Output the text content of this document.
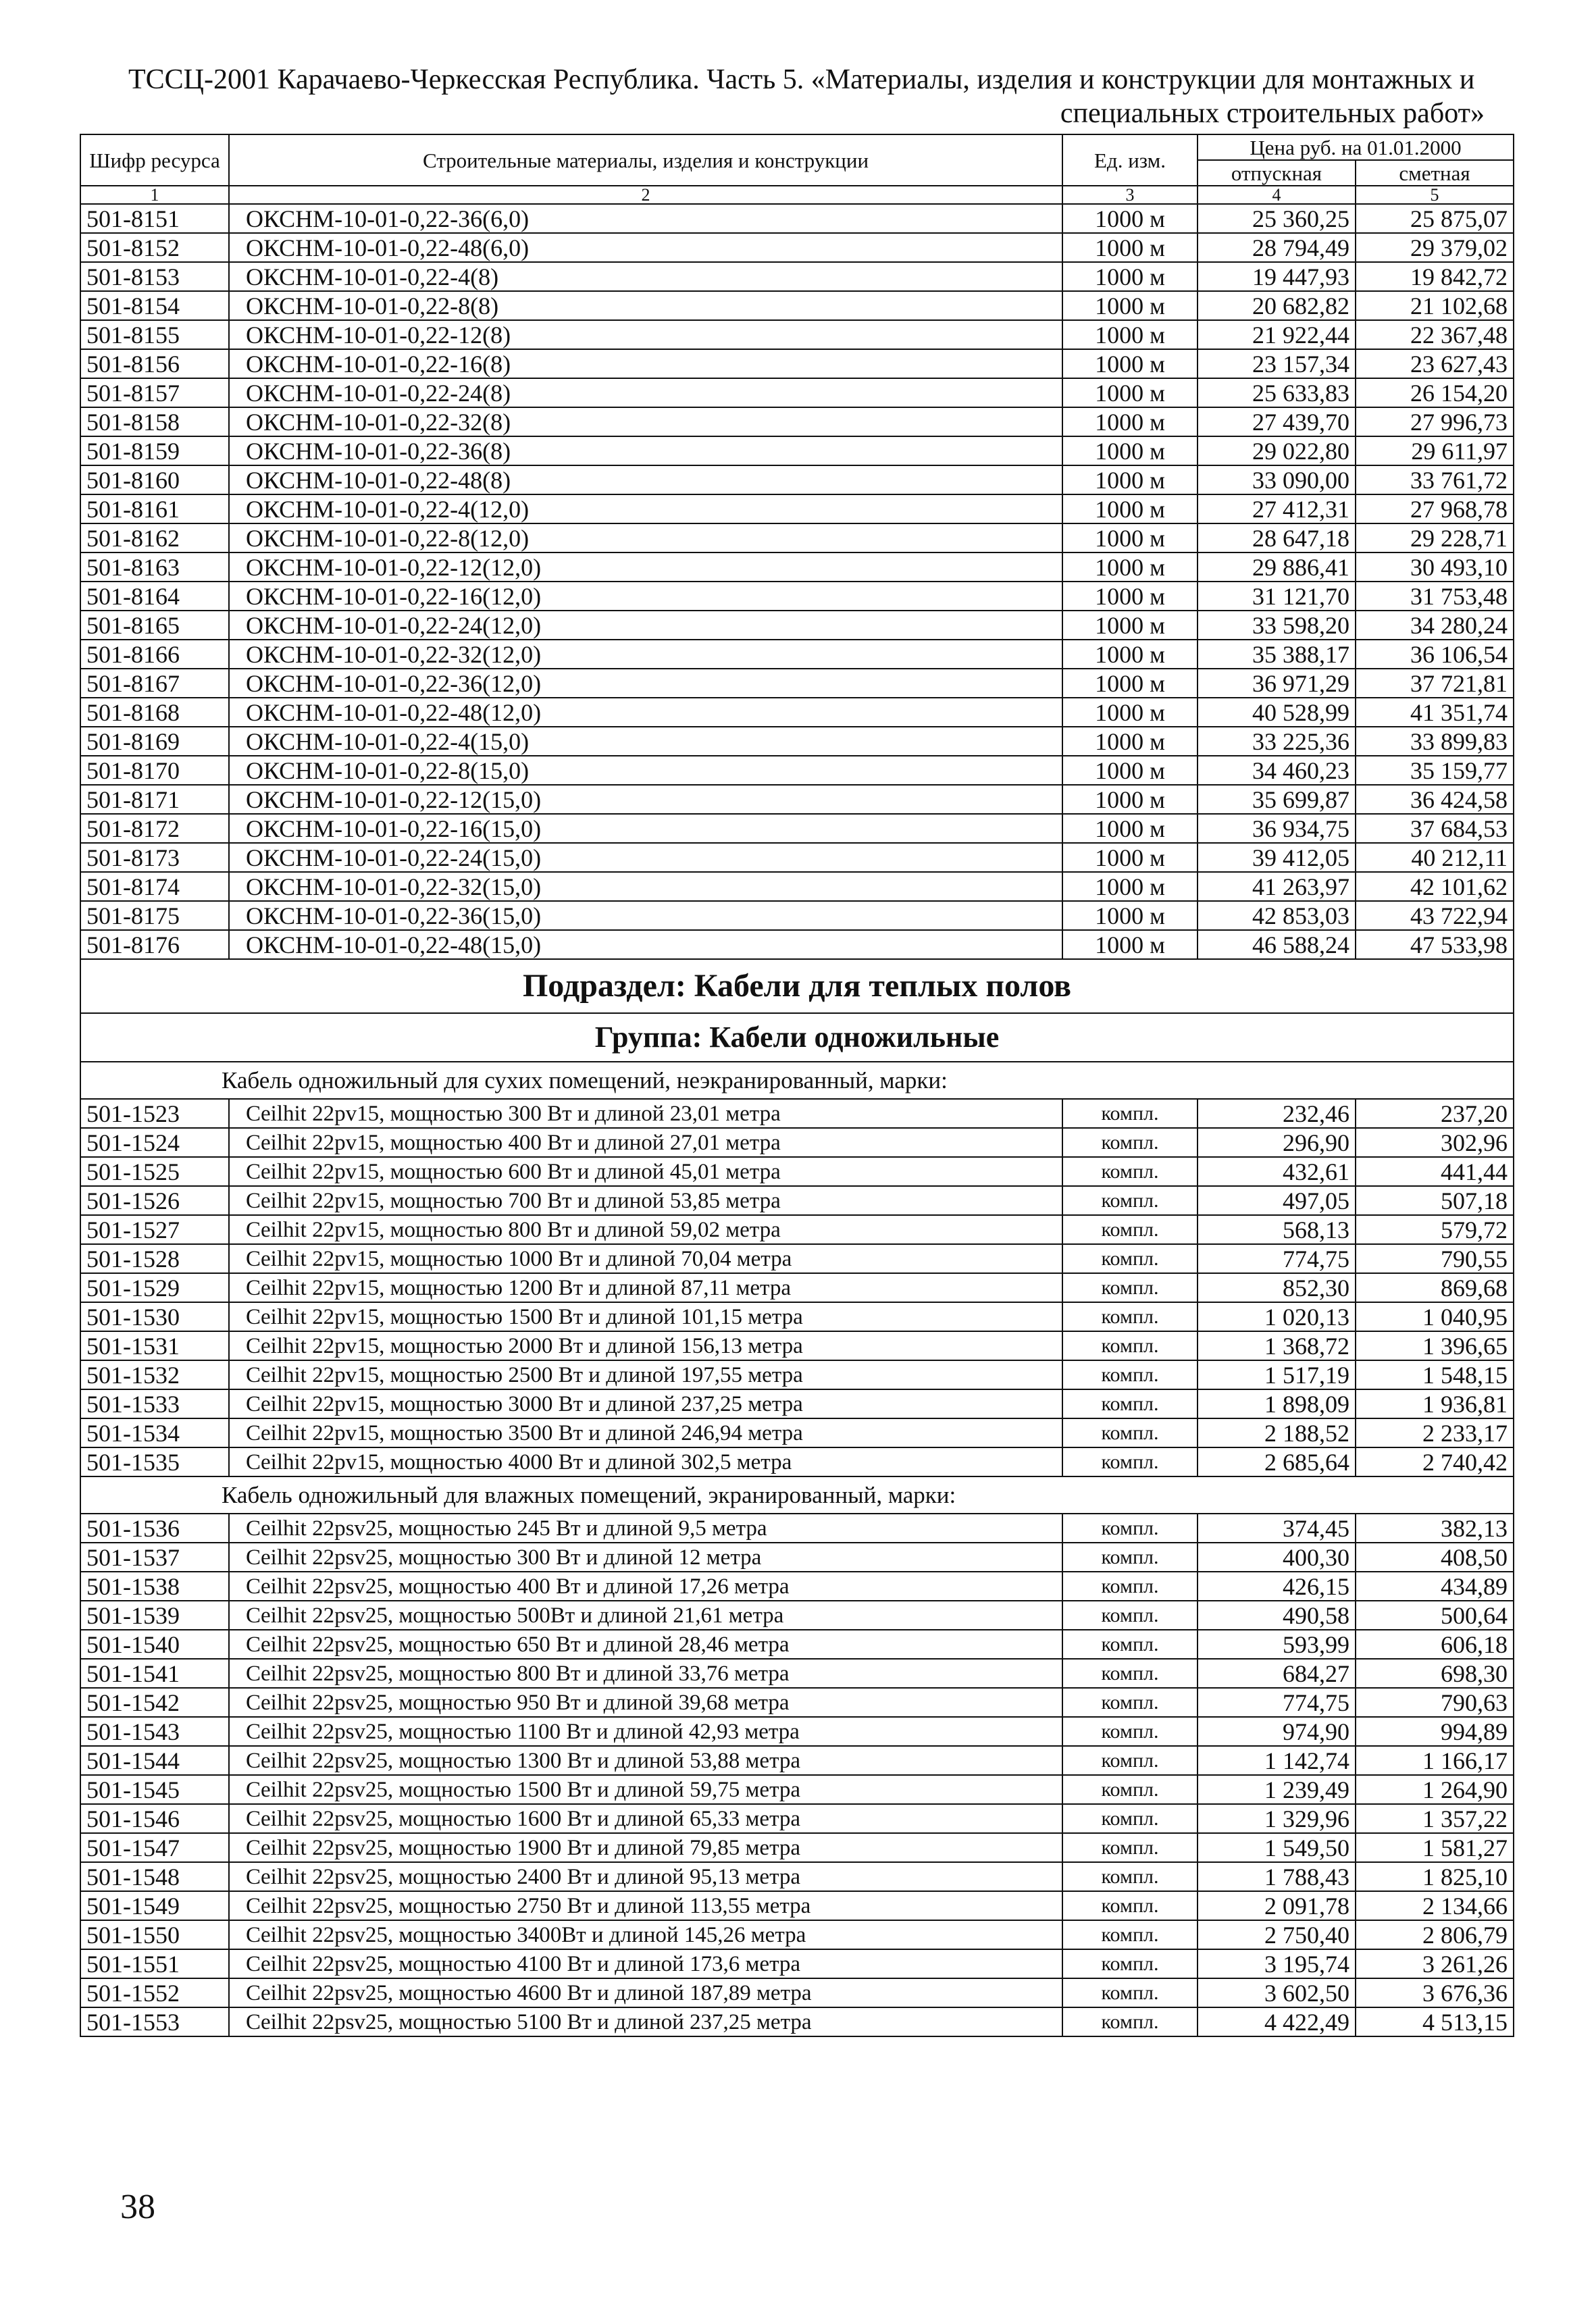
ТССЦ-2001 Карачаево-Черкесская Республика. Часть 5. «Материалы, изделия и конструкции для монтажных и
специальных строительных работ»
Шифр ресурса	Строительные материалы, изделия и конструкции	Ед. изм.	Цена руб. на 01.01.2000	
			отпускная	сметная
1	2	3	4	5
501-8151	ОКСНМ-10-01-0,22-36(6,0)	1000 м	25 360,25	25 875,07
501-8152	ОКСНМ-10-01-0,22-48(6,0)	1000 м	28 794,49	29 379,02
501-8153	ОКСНМ-10-01-0,22-4(8)	1000 м	19 447,93	19 842,72
501-8154	ОКСНМ-10-01-0,22-8(8)	1000 м	20 682,82	21 102,68
501-8155	ОКСНМ-10-01-0,22-12(8)	1000 м	21 922,44	22 367,48
501-8156	ОКСНМ-10-01-0,22-16(8)	1000 м	23 157,34	23 627,43
501-8157	ОКСНМ-10-01-0,22-24(8)	1000 м	25 633,83	26 154,20
501-8158	ОКСНМ-10-01-0,22-32(8)	1000 м	27 439,70	27 996,73
501-8159	ОКСНМ-10-01-0,22-36(8)	1000 м	29 022,80	29 611,97
501-8160	ОКСНМ-10-01-0,22-48(8)	1000 м	33 090,00	33 761,72
501-8161	ОКСНМ-10-01-0,22-4(12,0)	1000 м	27 412,31	27 968,78
501-8162	ОКСНМ-10-01-0,22-8(12,0)	1000 м	28 647,18	29 228,71
501-8163	ОКСНМ-10-01-0,22-12(12,0)	1000 м	29 886,41	30 493,10
501-8164	ОКСНМ-10-01-0,22-16(12,0)	1000 м	31 121,70	31 753,48
501-8165	ОКСНМ-10-01-0,22-24(12,0)	1000 м	33 598,20	34 280,24
501-8166	ОКСНМ-10-01-0,22-32(12,0)	1000 м	35 388,17	36 106,54
501-8167	ОКСНМ-10-01-0,22-36(12,0)	1000 м	36 971,29	37 721,81
501-8168	ОКСНМ-10-01-0,22-48(12,0)	1000 м	40 528,99	41 351,74
501-8169	ОКСНМ-10-01-0,22-4(15,0)	1000 м	33 225,36	33 899,83
501-8170	ОКСНМ-10-01-0,22-8(15,0)	1000 м	34 460,23	35 159,77
501-8171	ОКСНМ-10-01-0,22-12(15,0)	1000 м	35 699,87	36 424,58
501-8172	ОКСНМ-10-01-0,22-16(15,0)	1000 м	36 934,75	37 684,53
501-8173	ОКСНМ-10-01-0,22-24(15,0)	1000 м	39 412,05	40 212,11
501-8174	ОКСНМ-10-01-0,22-32(15,0)	1000 м	41 263,97	42 101,62
501-8175	ОКСНМ-10-01-0,22-36(15,0)	1000 м	42 853,03	43 722,94
501-8176	ОКСНМ-10-01-0,22-48(15,0)	1000 м	46 588,24	47 533,98
Подраздел: Кабели для теплых полов				
Группа: Кабели одножильные				
Кабель одножильный для сухих помещений, неэкранированный, марки:				
501-1523	Ceilhit 22pv15, мощностью 300 Вт и длиной 23,01 метра	компл.	232,46	237,20
501-1524	Ceilhit 22pv15, мощностью 400 Вт и длиной 27,01 метра	компл.	296,90	302,96
501-1525	Ceilhit 22pv15, мощностью 600 Вт и длиной 45,01 метра	компл.	432,61	441,44
501-1526	Ceilhit 22pv15, мощностью 700 Вт и длиной 53,85 метра	компл.	497,05	507,18
501-1527	Ceilhit 22pv15, мощностью 800 Вт и длиной 59,02 метра	компл.	568,13	579,72
501-1528	Ceilhit 22pv15, мощностью 1000 Вт и длиной 70,04 метра	компл.	774,75	790,55
501-1529	Ceilhit 22pv15, мощностью 1200 Вт и длиной 87,11 метра	компл.	852,30	869,68
501-1530	Ceilhit 22pv15, мощностью 1500 Вт и длиной 101,15 метра	компл.	1 020,13	1 040,95
501-1531	Ceilhit 22pv15, мощностью 2000 Вт и длиной 156,13 метра	компл.	1 368,72	1 396,65
501-1532	Ceilhit 22pv15, мощностью 2500 Вт и длиной 197,55 метра	компл.	1 517,19	1 548,15
501-1533	Ceilhit 22pv15, мощностью 3000 Вт и длиной 237,25 метра	компл.	1 898,09	1 936,81
501-1534	Ceilhit 22pv15, мощностью 3500 Вт и длиной 246,94 метра	компл.	2 188,52	2 233,17
501-1535	Ceilhit 22pv15, мощностью 4000 Вт и длиной 302,5 метра	компл.	2 685,64	2 740,42
Кабель одножильный для влажных помещений, экранированный, марки:				
501-1536	Ceilhit 22psv25, мощностью 245 Вт и длиной 9,5 метра	компл.	374,45	382,13
501-1537	Ceilhit 22psv25, мощностью 300 Вт и длиной 12 метра	компл.	400,30	408,50
501-1538	Ceilhit 22psv25, мощностью 400 Вт и длиной 17,26 метра	компл.	426,15	434,89
501-1539	Ceilhit 22psv25, мощностью 500Вт и длиной 21,61 метра	компл.	490,58	500,64
501-1540	Ceilhit 22psv25, мощностью 650 Вт и длиной 28,46 метра	компл.	593,99	606,18
501-1541	Ceilhit 22psv25, мощностью 800 Вт и длиной 33,76 метра	компл.	684,27	698,30
501-1542	Ceilhit 22psv25, мощностью 950 Вт и длиной 39,68 метра	компл.	774,75	790,63
501-1543	Ceilhit 22psv25, мощностью 1100 Вт и длиной 42,93 метра	компл.	974,90	994,89
501-1544	Ceilhit 22psv25, мощностью 1300 Вт и длиной 53,88 метра	компл.	1 142,74	1 166,17
501-1545	Ceilhit 22psv25, мощностью 1500 Вт и длиной 59,75 метра	компл.	1 239,49	1 264,90
501-1546	Ceilhit 22psv25, мощностью 1600 Вт и длиной 65,33 метра	компл.	1 329,96	1 357,22
501-1547	Ceilhit 22psv25, мощностью 1900 Вт и длиной 79,85 метра	компл.	1 549,50	1 581,27
501-1548	Ceilhit 22psv25, мощностью 2400 Вт и длиной 95,13 метра	компл.	1 788,43	1 825,10
501-1549	Ceilhit 22psv25, мощностью 2750 Вт и длиной 113,55 метра	компл.	2 091,78	2 134,66
501-1550	Ceilhit 22psv25, мощностью 3400Вт и длиной 145,26 метра	компл.	2 750,40	2 806,79
501-1551	Ceilhit 22psv25, мощностью 4100 Вт и длиной 173,6 метра	компл.	3 195,74	3 261,26
501-1552	Ceilhit 22psv25, мощностью 4600 Вт и длиной 187,89 метра	компл.	3 602,50	3 676,36
501-1553	Ceilhit 22psv25, мощностью 5100 Вт и длиной 237,25 метра	компл.	4 422,49	4 513,15
38
